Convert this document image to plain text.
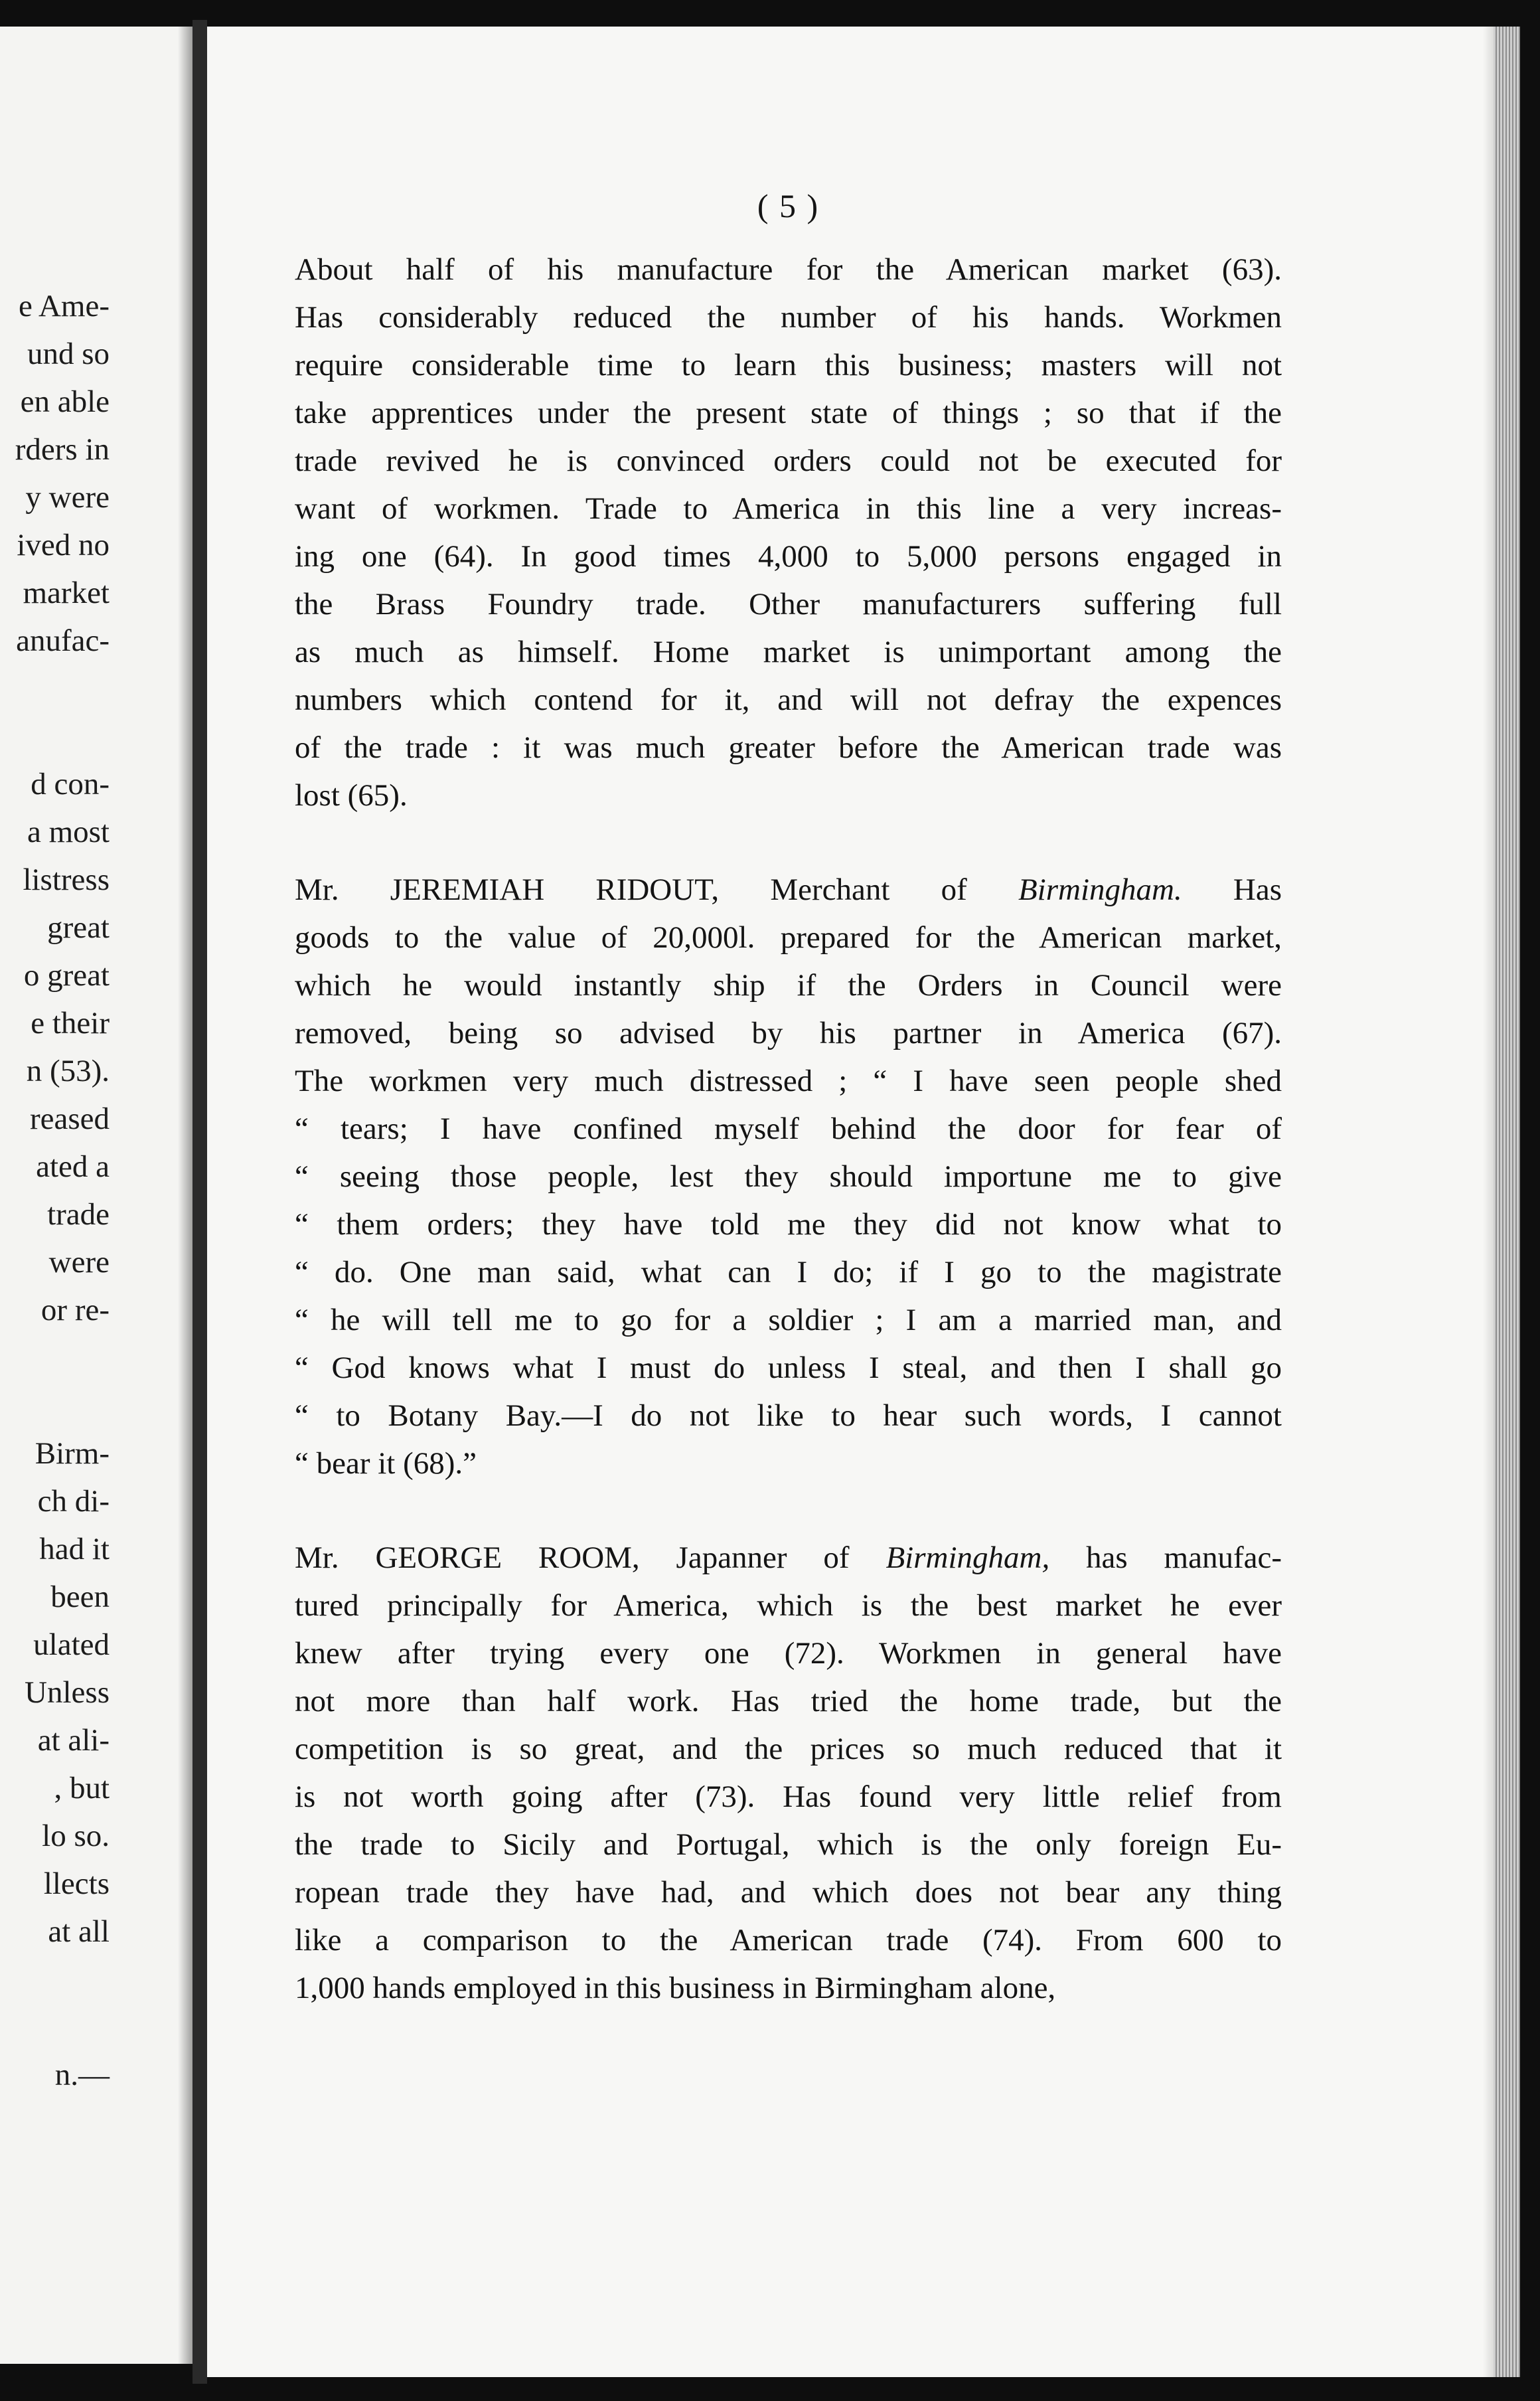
e Ame-
und so
en able
rders in
y were
ived no
market
anufac-

d con-
a most
listress
great
o great
e their
n (53).
reased
ated a
trade
were
or re-

Birm-
ch di-
had it
been
ulated
Unless
at ali-
, but
lo so.
llects
at all

n.—
( 5 )
About half of his manufacture for the American market (63).
Has considerably reduced the number of his hands. Workmen
require considerable time to learn this business; masters will not
take apprentices under the present state of things ; so that if the
trade revived he is convinced orders could not be executed for
want of workmen. Trade to America in this line a very increas-
ing one (64). In good times 4,000 to 5,000 persons engaged in
the Brass Foundry trade. Other manufacturers suffering full
as much as himself. Home market is unimportant among the
numbers which contend for it, and will not defray the expences
of the trade : it was much greater before the American trade was
lost (65).
Mr. JEREMIAH RIDOUT, Merchant of Birmingham. Has
goods to the value of 20,000l. prepared for the American market,
which he would instantly ship if the Orders in Council were
removed, being so advised by his partner in America (67).
The workmen very much distressed ; “ I have seen people shed
“ tears; I have confined myself behind the door for fear of
“ seeing those people, lest they should importune me to give
“ them orders; they have told me they did not know what to
“ do. One man said, what can I do; if I go to the magistrate
“ he will tell me to go for a soldier ; I am a married man, and
“ God knows what I must do unless I steal, and then I shall go
“ to Botany Bay.—I do not like to hear such words, I cannot
“ bear it (68).”
Mr. GEORGE ROOM, Japanner of Birmingham, has manufac-
tured principally for America, which is the best market he ever
knew after trying every one (72). Workmen in general have
not more than half work. Has tried the home trade, but the
competition is so great, and the prices so much reduced that it
is not worth going after (73). Has found very little relief from
the trade to Sicily and Portugal, which is the only foreign Eu-
ropean trade they have had, and which does not bear any thing
like a comparison to the American trade (74). From 600 to
1,000 hands employed in this business in Birmingham alone,
